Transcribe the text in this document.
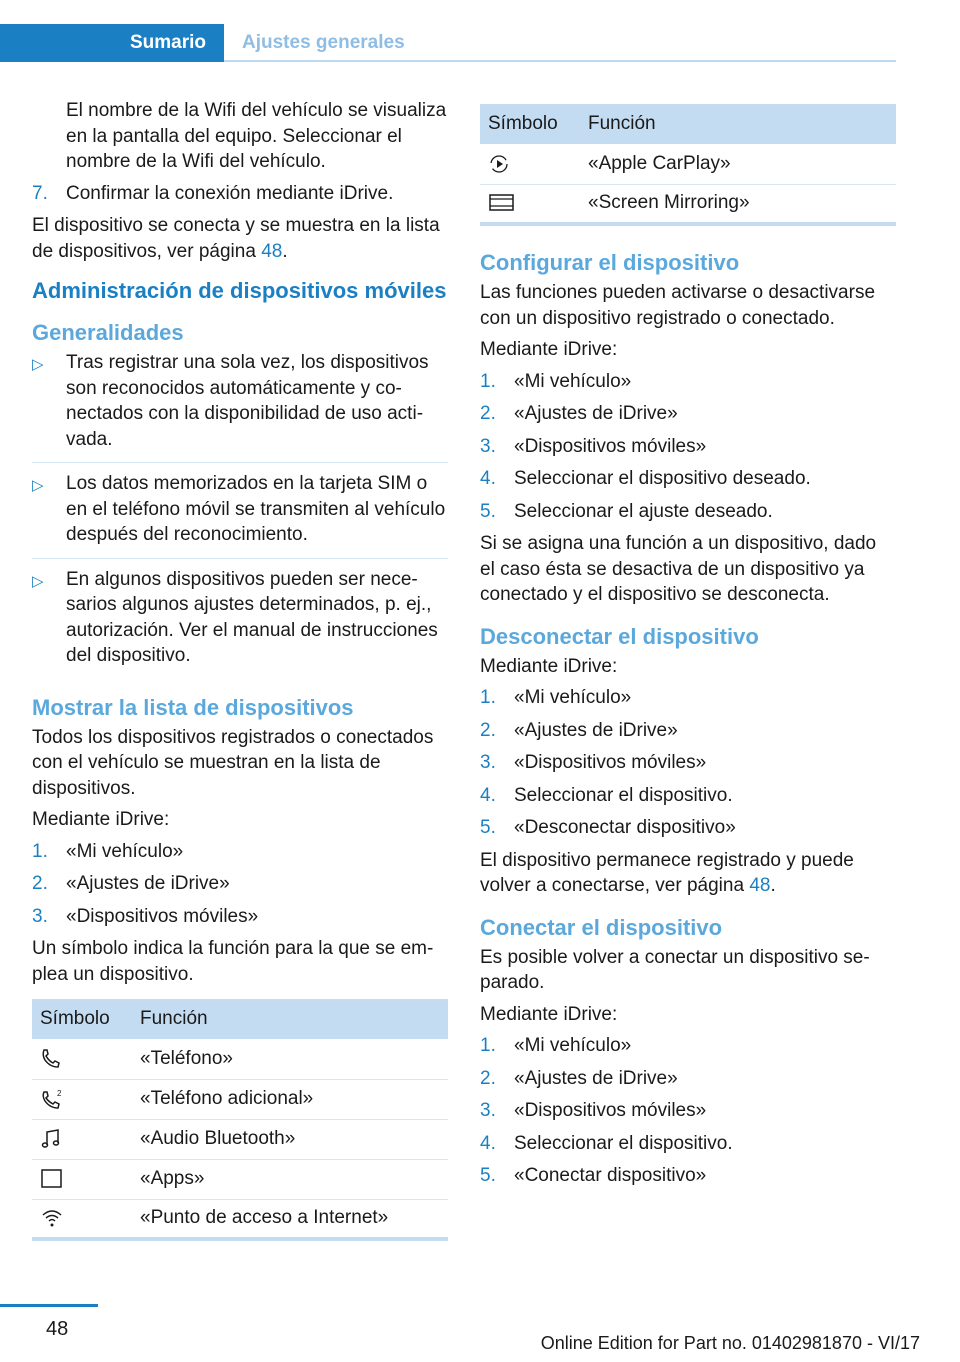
Sumario	Ajustes generales

El nombre de la Wifi del vehículo se visualiza en la pantalla del equipo. Seleccionar el nombre de la Wifi del vehículo.

7. Confirmar la conexión mediante iDrive.

El dispositivo se conecta y se muestra en la lista de dispositivos, ver página 48.

Administración de dispositivos móviles
Generalidades
▷	Tras registrar una sola vez, los dispositivos son reconocidos automáticamente y conectados con la disponibilidad de uso activada.
▷	Los datos memorizados en la tarjeta SIM o en el teléfono móvil se transmiten al vehículo después del reconocimiento.
▷	En algunos dispositivos pueden ser necesarios algunos ajustes determinados, p. ej., autorización. Ver el manual de instrucciones del dispositivo.
Mostrar la lista de dispositivos

Todos los dispositivos registrados o conectados con el vehículo se muestran en la lista de dispositivos.

Mediante iDrive:

1. «Mi vehículo»
2. «Ajustes de iDrive»
3. «Dispositivos móviles»

Un símbolo indica la función para la que se emplea un dispositivo.

Símbolo	Función

	«Teléfono»

2	«Teléfono adicional»

	«Audio Bluetooth»

	«Apps»

	«Punto de acceso a Internet»
Símbolo	Función

	«Apple CarPlay»

	«Screen Mirroring»
Configurar el dispositivo

Las funciones pueden activarse o desactivarse con un dispositivo registrado o conectado.

Mediante iDrive:

1. «Mi vehículo»
2. «Ajustes de iDrive»
3. «Dispositivos móviles»
4. Seleccionar el dispositivo deseado.
5. Seleccionar el ajuste deseado.

Si se asigna una función a un dispositivo, dado el caso ésta se desactiva de un dispositivo ya conectado y el dispositivo se desconecta.

Desconectar el dispositivo

Mediante iDrive:

1. «Mi vehículo»
2. «Ajustes de iDrive»
3. «Dispositivos móviles»
4. Seleccionar el dispositivo.
5. «Desconectar dispositivo»

El dispositivo permanece registrado y puede volver a conectarse, ver página 48.

Conectar el dispositivo

Es posible volver a conectar un dispositivo separado.

Mediante iDrive:

1. «Mi vehículo»
2. «Ajustes de iDrive»
3. «Dispositivos móviles»
4. Seleccionar el dispositivo.
5. «Conectar dispositivo»
48
Online Edition for Part no. 01402981870 - VI/17
